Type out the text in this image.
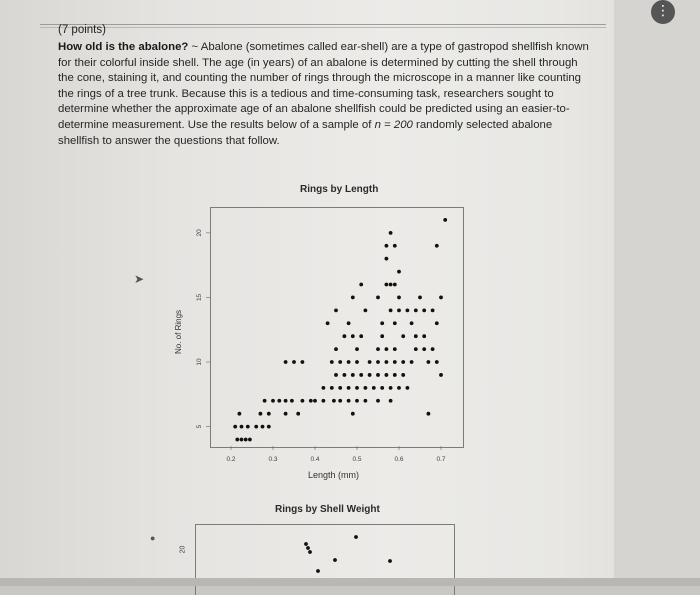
⋮
(7 points)
How old is the abalone? ~ Abalone (sometimes called ear-shell) are a type of gastropod shellfish known for their colorful inside shell. The age (in years) of an abalone is determined by cutting the shell through the cone, staining it, and counting the number of rings through the microscope in a manner like counting the rings of a tree trunk. Because this is a tedious and time-consuming task, researchers sought to determine whether the approximate age of an abalone shellfish could be predicted using an easier-to-determine measurement. Use the results below of a sample of n = 200 randomly selected abalone shellfish to answer the questions that follow.
Rings by Length
0.2	0.3	0.4	0.5	0.6	0.7
5
10
15
20
Length (mm)
No. of Rings
➤
●
Rings by Shell Weight
20
